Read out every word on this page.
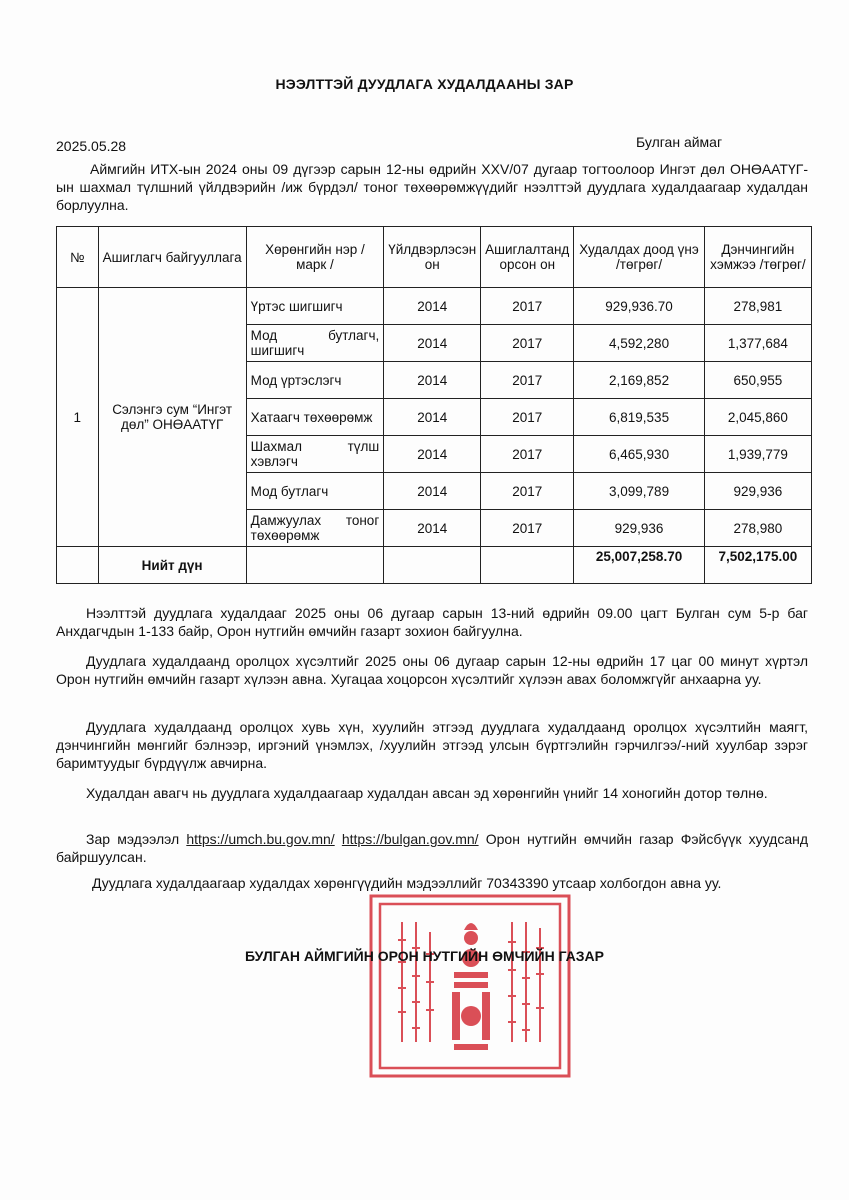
НЭЭЛТТЭЙ ДУУДЛАГА ХУДАЛДААНЫ ЗАР
2025.05.28	Булган аймаг

Аймгийн ИТХ-ын 2024 оны 09 дүгээр сарын 12-ны өдрийн XXV/07 дугаар тогтоолоор Ингэт дөл ОНӨААТҮГ-ын шахмал түлшний үйлдвэрийн /иж бүрдэл/ тоног төхөөрөмжүүдийг нээлттэй дуудлага худалдаагаар худалдан борлуулна.

№	Ашиглагч байгууллага	Хөрөнгийн нэр /марк /	Үйлдвэрлэсэн он	Ашиглалтанд орсон он	Худалдах доод үнэ /төгрөг/	Дэнчингийн хэмжээ /төгрөг/
1	Сэлэнгэ сум “Ингэт дөл” ОНӨААТҮГ	Үртэс шигшигч	2014	2017	929,936.70	278,981
		Мод бутлагч, шигшигч	2014	2017	4,592,280	1,377,684
		Мод үртэслэгч	2014	2017	2,169,852	650,955
		Хатаагч төхөөрөмж	2014	2017	6,819,535	2,045,860
		Шахмал түлш хэвлэгч	2014	2017	6,465,930	1,939,779
		Мод бутлагч	2014	2017	3,099,789	929,936
		Дамжуулах тоног төхөөрөмж	2014	2017	929,936	278,980
	Нийт дүн				25,007,258.70	7,502,175.00

Нээлттэй дуудлага худалдааг 2025 оны 06 дугаар сарын 13-ний өдрийн 09.00 цагт Булган сум 5-р баг Анхдагчдын 1-133 байр, Орон нутгийн өмчийн газарт зохион байгуулна.

Дуудлага худалдаанд оролцох хүсэлтийг 2025 оны 06 дугаар сарын 12-ны өдрийн 17 цаг 00 минут хүртэл Орон нутгийн өмчийн газарт хүлээн авна. Хугацаа хоцорсон хүсэлтийг хүлээн авах боломжгүйг анхаарна уу.

Дуудлага худалдаанд оролцох хувь хүн, хуулийн этгээд дуудлага худалдаанд оролцох хүсэлтийн маягт, дэнчингийн мөнгийг бэлнээр, иргэний үнэмлэх, /хуулийн этгээд улсын бүртгэлийн гэрчилгээ/-ний хуулбар зэрэг баримтуудыг бүрдүүлж авчирна.

Худалдан авагч нь дуудлага худалдаагаар худалдан авсан эд хөрөнгийн үнийг 14 хоногийн дотор төлнө.

Зар мэдээлэл https://umch.bu.gov.mn/ https://bulgan.gov.mn/ Орон нутгийн өмчийн газар Фэйсбүүк хуудсанд байршуулсан.

Дуудлага худалдаагаар худалдах хөрөнгүүдийн мэдээллийг 70343390 утсаар холбогдон авна уу.

БУЛГАН АЙМГИЙН ОРОН НУТГИЙН ӨМЧИЙН ГАЗАР
